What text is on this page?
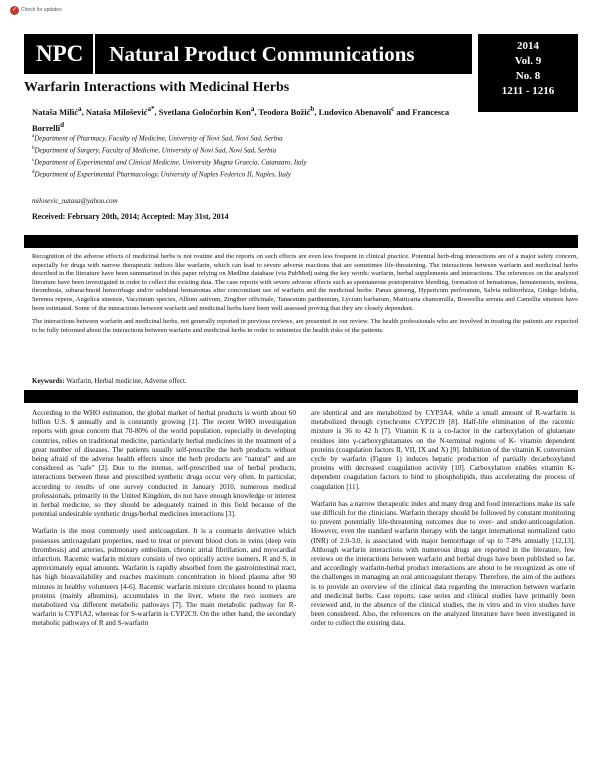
✓ Check for updates
NPC	Natural Product Communications	2014
Vol. 9
No. 8
1211 - 1216
Warfarin Interactions with Medicinal Herbs
Nataša Milić$^a$, Nataša Milošević$^{a*}$, Svetlana Goločorbin Kon$^a$, Teodora Božić$^b$, Ludovico Abenavoli$^c$ and Francesca Borrelli$^d$
$^a$Department of Pharmacy, Faculty of Medicine, University of Novi Sad, Novi Sad, Serbia
$^b$Department of Surgery, Faculty of Medicine, University of Novi Sad, Novi Sad, Serbia
$^c$Department of Experimental and Clinical Medicine, University Magna Graecia, Catanzaro, Italy
$^d$Department of Experimental Pharmacology, University of Naples Federico II, Naples, Italy
milosevic_natasa@yahoo.com
Received: February 20th, 2014; Accepted: May 31st, 2014

Recognition of the adverse effects of medicinal herbs is not routine and the reports on such effects are even less frequent in clinical practice. Potential herb-drug interactions are of a major safety concern, especially for drugs with narrow therapeutic indices like warfarin, which can lead to severe adverse reactions that are sometimes life-threatening. The interactions between warfarin and medicinal herbs described in the literature have been summarized in this paper relying on Medline database (via PubMed) using the key words: warfarin, herbal supplements and interactions. The references on the analyzed literature have been investigated in order to collect the existing data. The case reports with severe adverse effects such as spontaneous postoperative bleeding, formation of hematomas, hematemesis, melena, thrombosis, subarachnoid hemorrhage and/or subdural hematomas after concomitant use of warfarin and the medicinal herbs: Panax ginseng, Hypericum perforatum, Salvia miltiorrhiza, Ginkgo biloba, Serenoa repens, Angelica sinensis, Vaccinium species, Allium sativum, Zingiber officinale, Tanacetum parthenium, Lycium barbarum, Matricaria chamomilla, Boswellia serrata and Camellia sinensis have been estimated. Some of the interactions between warfarin and medicinal herbs have been well assessed proving that they are closely dependent.

The interactions between warfarin and medicinal herbs, not generally reported in previous reviews, are presented in our review. The health professionals who are involved in treating the patients are expected to be fully informed about the interactions between warfarin and medicinal herbs in order to minimize the health risks of the patients.

Keywords: Warfarin, Herbal medicine, Adverse effect.

According to the WHO estimation, the global market of herbal products is worth about 60 billion U.S. $ annually and is constantly growing [1]. The recent WHO investigation reports with great concern that 70-80% of the world population, especially in developing countries, relies on traditional medicine, particularly herbal medicines in the treatment of a great number of diseases. The patients usually self-prescribe the herb products without being afraid of the adverse health effects since the herb products are "natural" and are considered as "safe" [2]. Due to the intense, self-prescribed use of herbal products, interactions between these and prescribed synthetic drugs occur very often. In particular, according to results of one survey conducted in January 2010, numerous medical professionals, primarily in the United Kingdom, do not have enough knowledge or interest in herbal medicine, so they should be adequately trained in this field because of the potential undesirable synthetic drugs/herbal medicines interactions [3].

Warfarin is the most commonly used anticoagulant. It is a coumarin derivative which possesses anticoagulant properties, used to treat or prevent blood clots in veins (deep vein thrombosis) and arteries, pulmonary embolism, chronic atrial fibrillation, and myocardial infarction. Racemic warfarin mixture consists of two optically active isomers, R and S, in approximately equal amounts. Warfarin is rapidly absorbed from the gastrointestinal tract, has high bioavailability and reaches maximum concentration in blood plasma after 90 minutes in healthy volunteers [4-6]. Racemic warfarin mixture circulates bound to plasma proteins (mainly albumins), accumulates in the liver, where the two isomers are metabolized via different metabolic pathways [7]. The main metabolic pathway for R-warfarin is CYP1A2, whereas for S-warfarin is CYP2C9. On the other hand, the secondary metabolic pathways of R and S-warfarin

are identical and are metabolized by CYP3A4, while a small amount of R-warfarin is metabolized through cytochrome CYP2C19 [8]. Half-life elimination of the racemic mixture is 36 to 42 h [7]. Vitamin K is a co-factor in the carboxylation of glutamate residues into γ-carboxyglutamates on the N-terminal regions of K- vitamin dependent proteins (coagulation factors II, VII, IX and X) [9]. Inhibition of the vitamin K conversion cycle by warfarin (Figure 1) induces hepatic production of partially decarboxylated proteins with decreased coagulation activity [10]. Carboxylation enables vitamin K-dependent coagulation factors to bind to phospholipids, thus accelerating the process of coagulation [11].

Warfarin has a narrow therapeutic index and many drug and food interactions make its safe use difficult for the clinicians. Warfarin therapy should be followed by constant monitoring to prevent potentially life-threatening outcomes due to over- and under-anticoagulation. However, even the standard warfarin therapy with the target international normalized ratio (INR) of 2.0-3.0, is associated with major hemorrhage of up to 7-8% annually [12,13]. Although warfarin interactions with numerous drugs are reported in the literature, few reviews on the interactions between warfarin and herbal drugs have been published so far, and accordingly warfarin-herbal product interactions are about to be recognized as one of the challenges in managing an oral anticoagulant therapy. Therefore, the aim of the authors is to provide an overview of the clinical data regarding the interaction between warfarin and medicinal herbs. Case reports, case series and clinical studies have primarily been reviewed and, in the absence of the clinical studies, the in vitro and in vivo studies have been considered. Also, the references on the analyzed literature have been investigated in order to collect the existing data.
